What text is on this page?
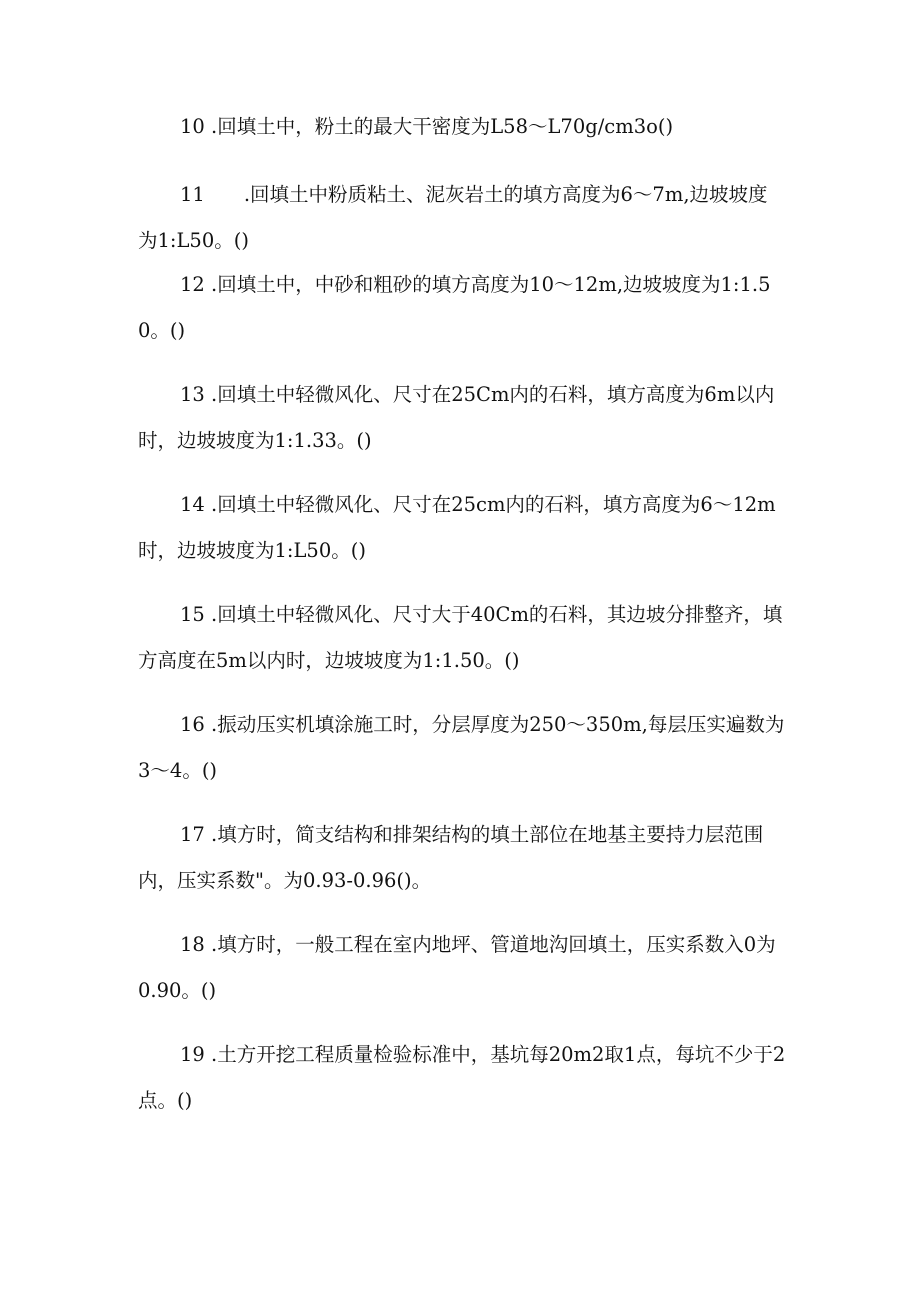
10 .回填土中，粉土的最大干密度为L58～L70g/cm3o()

11　　.回填土中粉质粘土、泥灰岩土的填方高度为6～7m,边坡坡度为1:L50。()

12 .回填土中，中砂和粗砂的填方高度为10～12m,边坡坡度为1:1.50。()

13 .回填土中轻微风化、尺寸在25Cm内的石料，填方高度为6m以内时，边坡坡度为1:1.33。()

14 .回填土中轻微风化、尺寸在25cm内的石料，填方高度为6～12m时，边坡坡度为1:L50。()

15 .回填土中轻微风化、尺寸大于40Cm的石料，其边坡分排整齐，填方高度在5m以内时，边坡坡度为1:1.50。()

16 .振动压实机填涂施工时，分层厚度为250～350m,每层压实遍数为3～4。()

17 .填方时，简支结构和排架结构的填土部位在地基主要持力层范围内，压实系数"。为0.93-0.96()。

18 .填方时，一般工程在室内地坪、管道地沟回填土，压实系数入0为0.90。()

19 .土方开挖工程质量检验标准中，基坑每20m2取1点，每坑不少于2点。()
